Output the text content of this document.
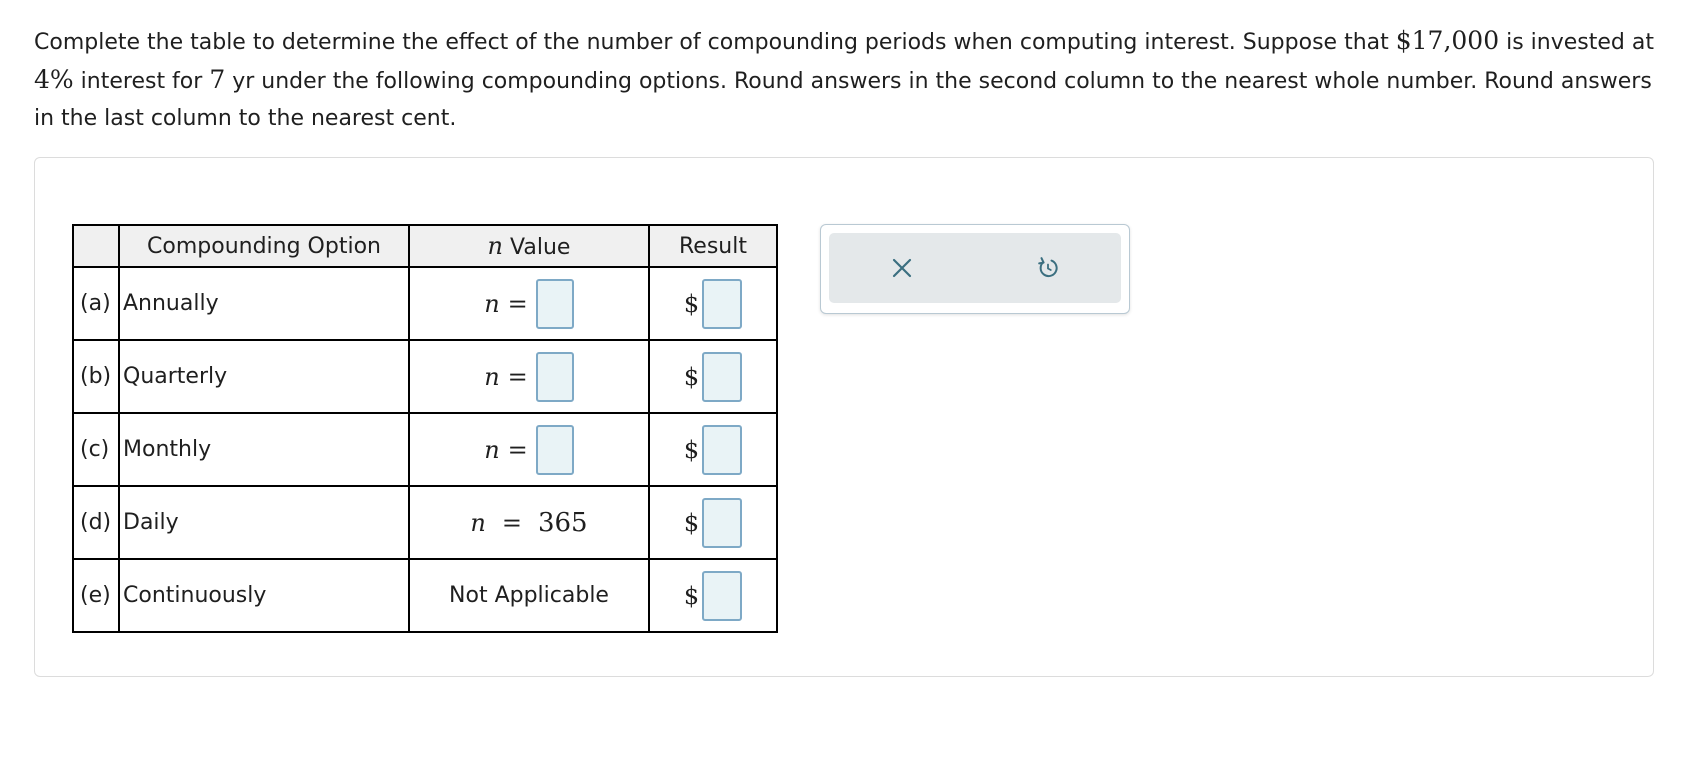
Complete the table to determine the effect of the number of compounding periods when computing interest. Suppose that $17,000 is invested at 4% interest for 7 yr under the following compounding options. Round answers in the second column to the nearest whole number. Round answers in the last column to the nearest cent.
	Compounding Option	n Value	Result
(a)	Annually	n =	$

(b)	Quarterly	n =	$

(c)	Monthly	n =	$

(d)	Daily	n = 365	$

(e)	Continuously	Not Applicable	$
